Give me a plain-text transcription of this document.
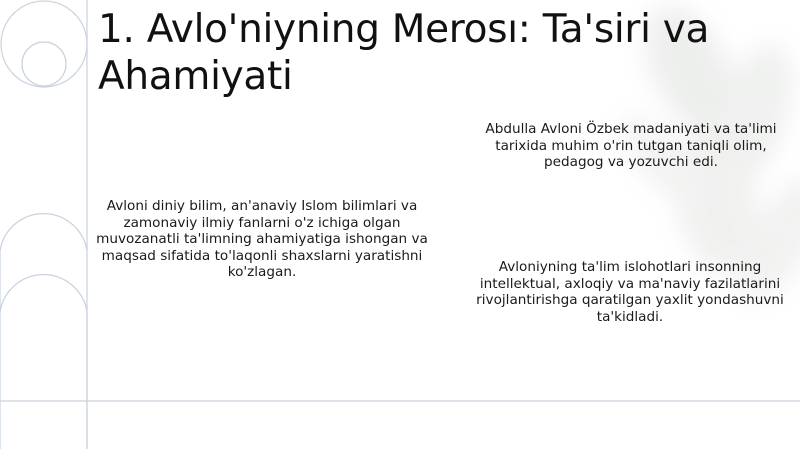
1. Avlo'niyning Merosı: Ta'siri va Ahamiyati

Abdulla Avloni Özbek madaniyati va ta'limi tarixida muhim o'rin tutgan taniqli olim, pedagog va yozuvchi edi.

Avloni diniy bilim, an'anaviy Islom bilimlari va zamonaviy ilmiy fanlarni o'z ichiga olgan muvozanatli ta'limning ahamiyatiga ishongan va maqsad sifatida to'laqonli shaxslarni yaratishni ko'zlagan.	Avloniyning ta'lim islohotlari insonning intellektual, axloqiy va ma'naviy fazilatlarini rivojlantirishga qaratilgan yaxlit yondashuvni ta'kidladi.
